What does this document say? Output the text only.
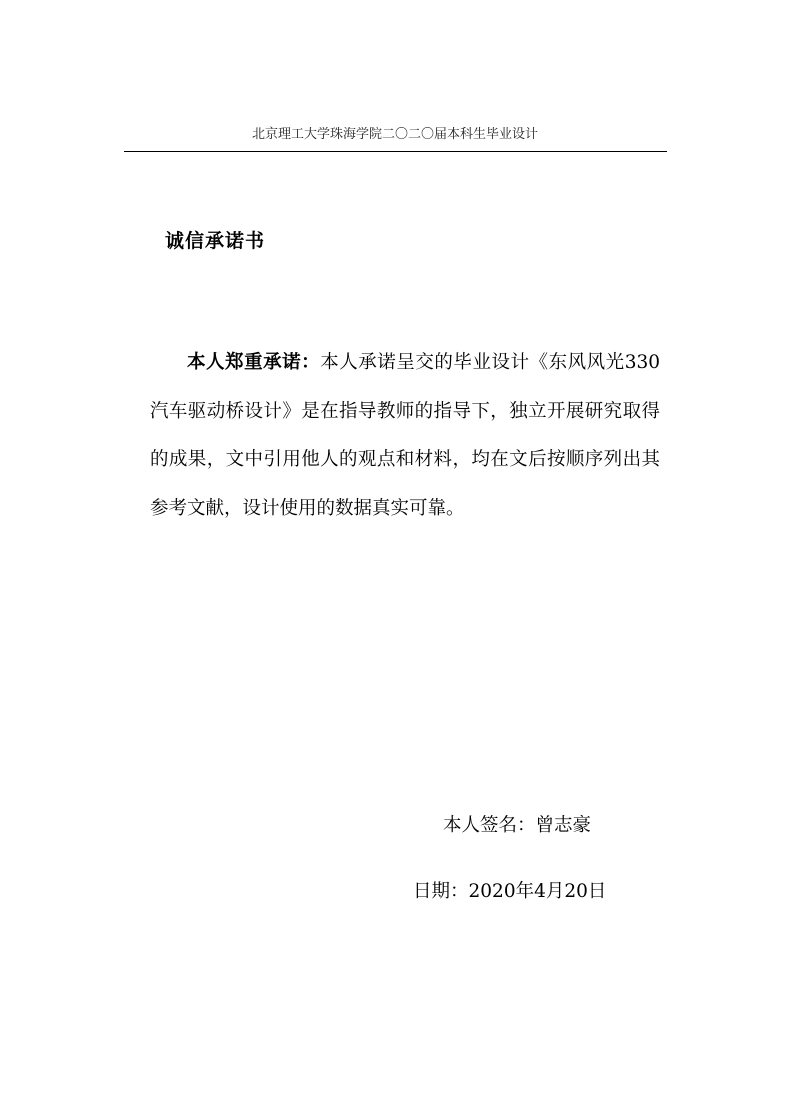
北京理工大学珠海学院二〇二〇届本科生毕业设计
诚信承诺书

本人郑重承诺：本人承诺呈交的毕业设计《东风风光330汽车驱动桥设计》是在指导教师的指导下，独立开展研究取得的成果，文中引用他人的观点和材料，均在文后按顺序列出其参考文献，设计使用的数据真实可靠。

本人签名：曾志豪
日期：2020年4月20日
